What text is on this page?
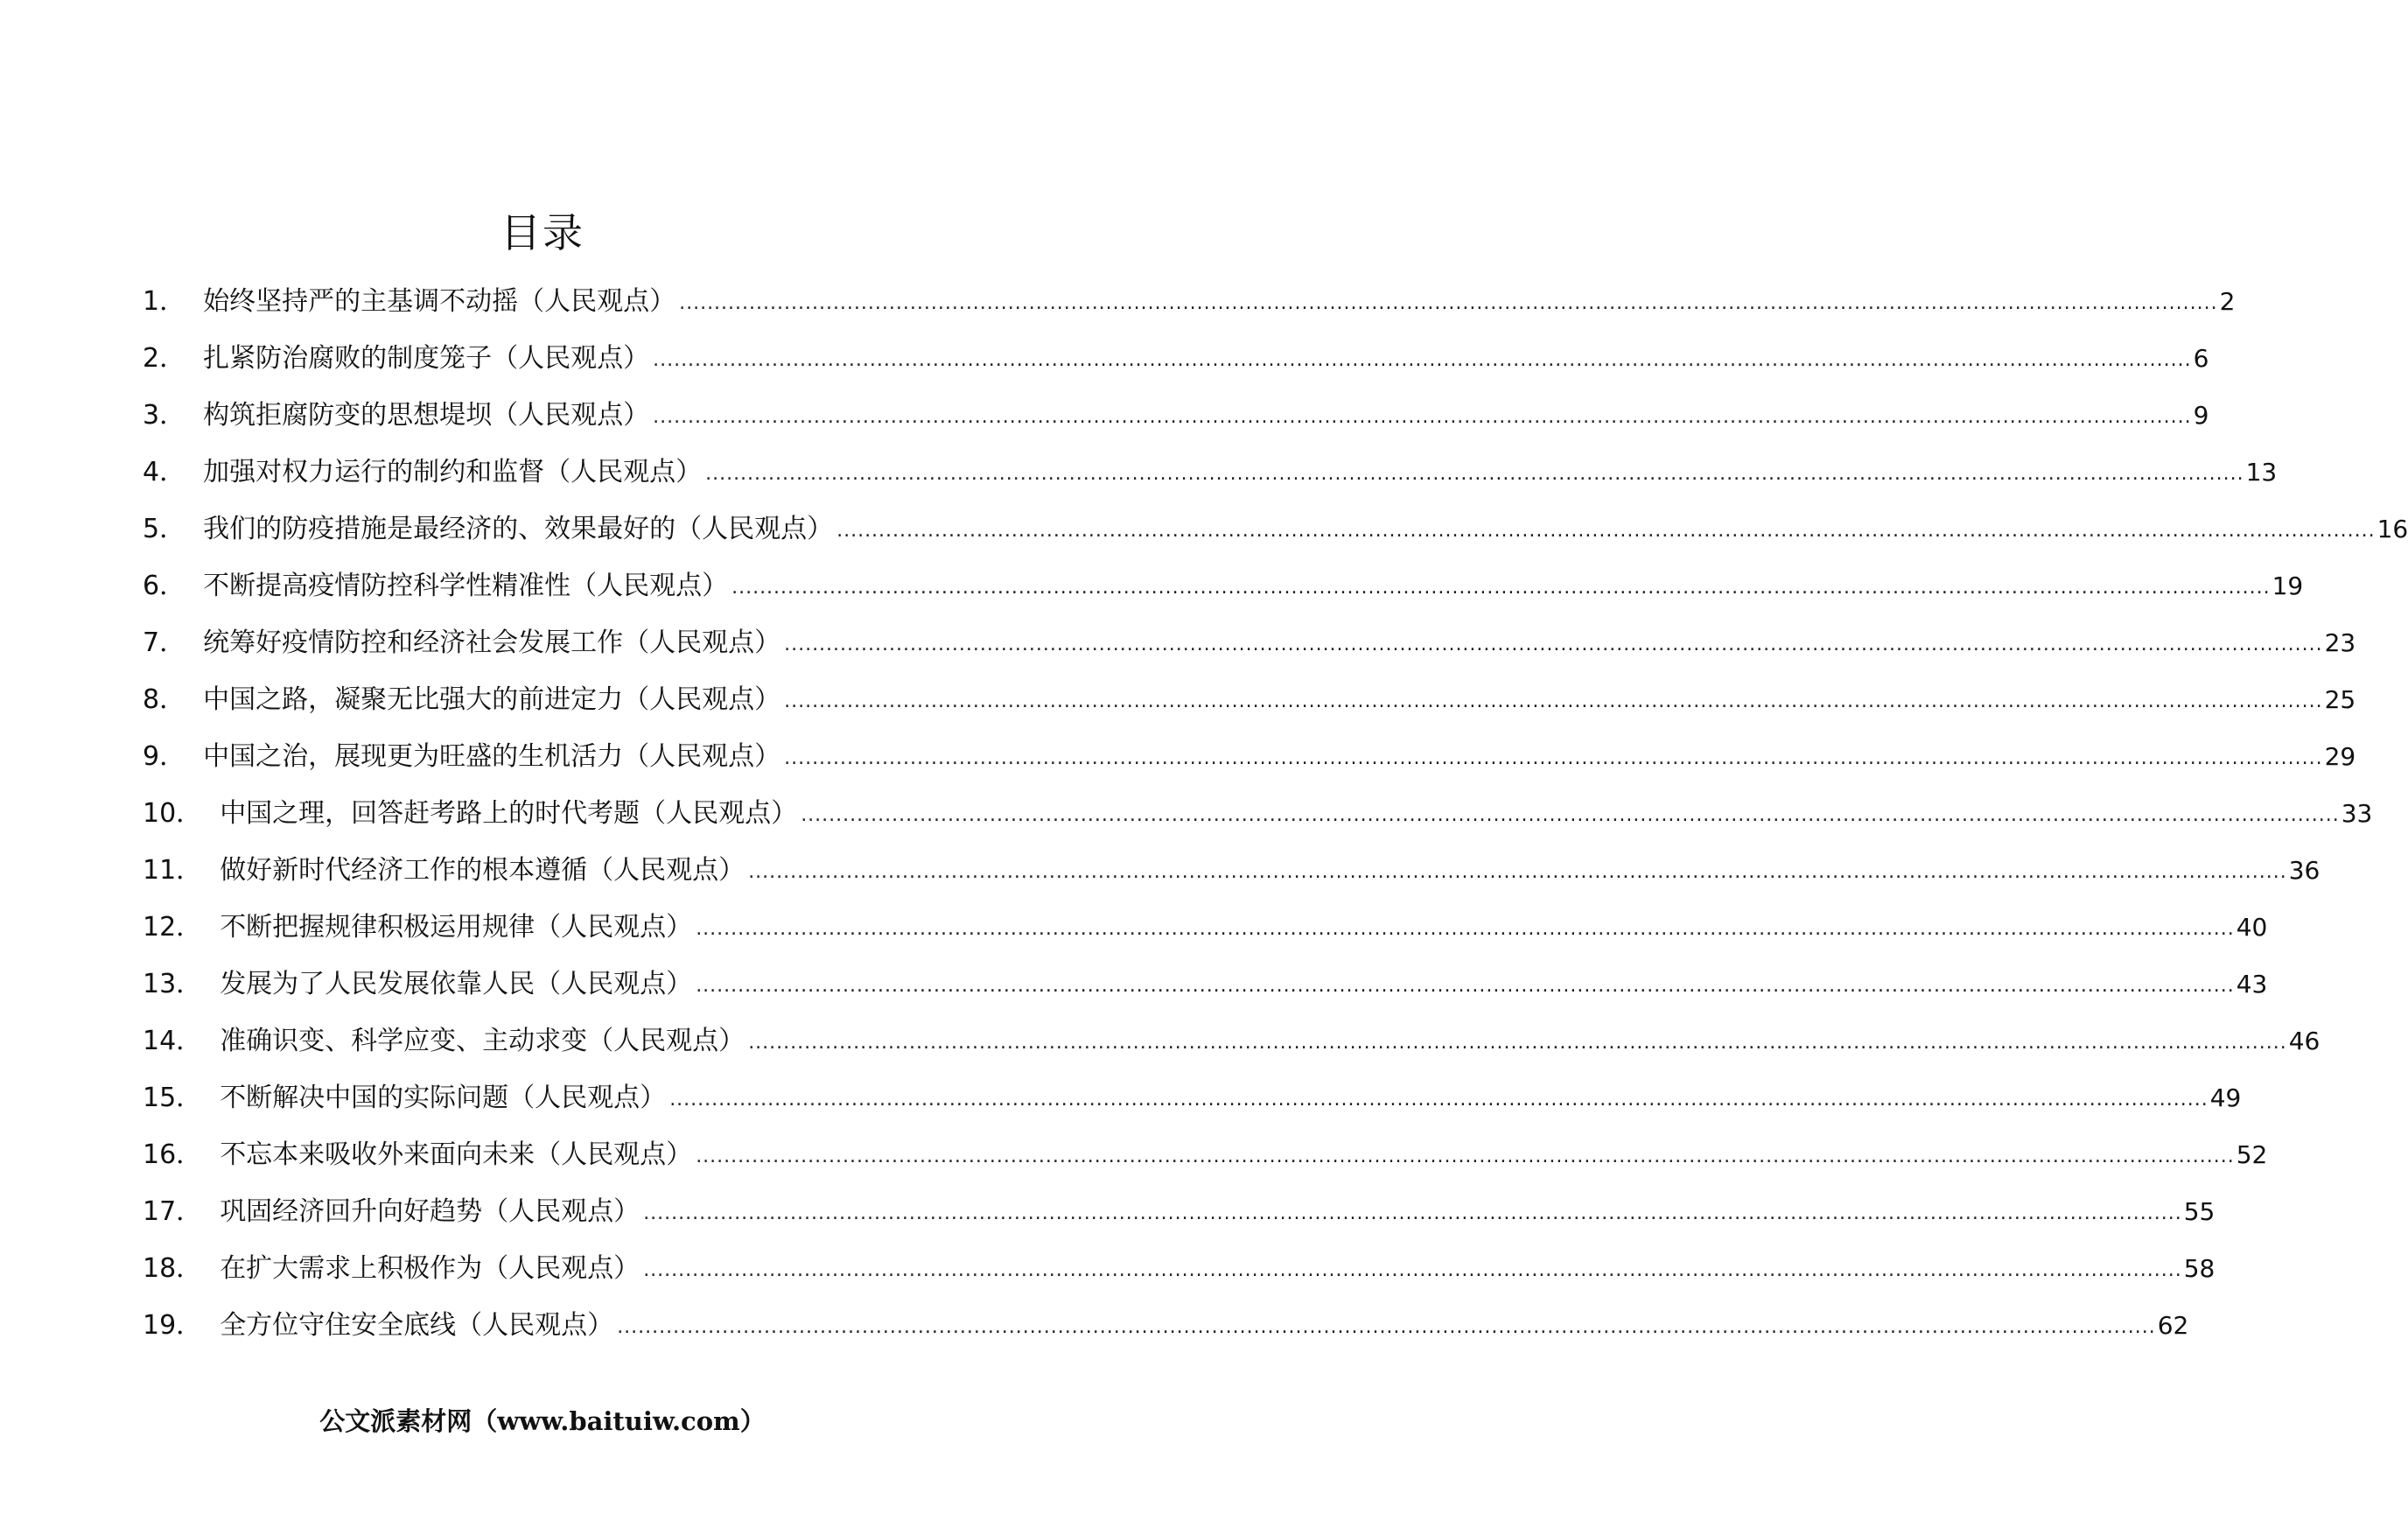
目录
1． 始终坚持严的主基调不动摇（人民观点） ............................................................................................................................................................................................................................ 2
2． 扎紧防治腐败的制度笼子（人民观点） ............................................................................................................................................................................................................................ 6
3． 构筑拒腐防变的思想堤坝（人民观点） ............................................................................................................................................................................................................................ 9
4． 加强对权力运行的制约和监督（人民观点） ............................................................................................................................................................................................................................ 13
5． 我们的防疫措施是最经济的、效果最好的（人民观点） ............................................................................................................................................................................................................................ 16
6． 不断提高疫情防控科学性精准性（人民观点） ............................................................................................................................................................................................................................ 19
7． 统筹好疫情防控和经济社会发展工作（人民观点） ............................................................................................................................................................................................................................ 23
8． 中国之路，凝聚无比强大的前进定力（人民观点） ............................................................................................................................................................................................................................ 25
9． 中国之治，展现更为旺盛的生机活力（人民观点） ............................................................................................................................................................................................................................ 29
10． 中国之理，回答赶考路上的时代考题（人民观点） ............................................................................................................................................................................................................................ 33
11． 做好新时代经济工作的根本遵循（人民观点） ............................................................................................................................................................................................................................ 36
12． 不断把握规律积极运用规律（人民观点） ............................................................................................................................................................................................................................ 40
13． 发展为了人民发展依靠人民（人民观点） ............................................................................................................................................................................................................................ 43
14． 准确识变、科学应变、主动求变（人民观点） ............................................................................................................................................................................................................................ 46
15． 不断解决中国的实际问题（人民观点） ............................................................................................................................................................................................................................ 49
16． 不忘本来吸收外来面向未来（人民观点） ............................................................................................................................................................................................................................ 52
17． 巩固经济回升向好趋势（人民观点） ............................................................................................................................................................................................................................ 55
18． 在扩大需求上积极作为（人民观点） ............................................................................................................................................................................................................................ 58
19． 全方位守住安全底线（人民观点） ............................................................................................................................................................................................................................ 62

公文派素材网（www.baituiw.com）
